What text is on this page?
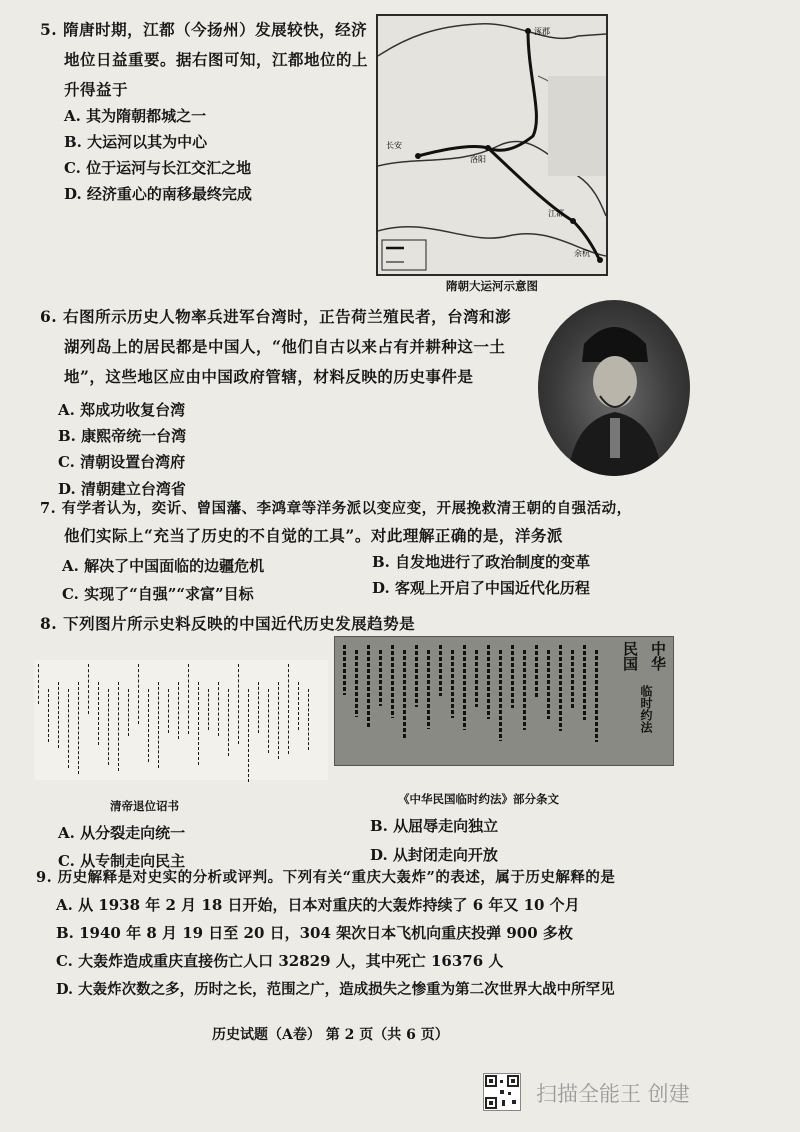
5. 隋唐时期，江都（今扬州）发展较快，经济
地位日益重要。据右图可知，江都地位的上
升得益于
A. 其为隋朝都城之一
B. 大运河以其为中心
C. 位于运河与长江交汇之地
D. 经济重心的南移最终完成
涿郡
长安
洛阳
江都
余杭
隋朝大运河示意图
6. 右图所示历史人物率兵进军台湾时，正告荷兰殖民者，台湾和澎
湖列岛上的居民都是中国人，“他们自古以来占有并耕种这一土
地”，这些地区应由中国政府管辖，材料反映的历史事件是
A. 郑成功收复台湾
B. 康熙帝统一台湾
C. 清朝设置台湾府
D. 清朝建立台湾省
7. 有学者认为，奕䜣、曾国藩、李鸿章等洋务派以变应变，开展挽救清王朝的自强活动，
他们实际上“充当了历史的不自觉的工具”。对此理解正确的是，洋务派
A. 解决了中国面临的边疆危机	B. 自发地进行了政治制度的变革
C. 实现了“自强”“求富”目标	D. 客观上开启了中国近代化历程
8. 下列图片所示史料反映的中国近代历史发展趋势是
清帝退位诏书
中华
民国
临时约法
《中华民国临时约法》部分条文
A. 从分裂走向统一	B. 从屈辱走向独立
C. 从专制走向民主	D. 从封闭走向开放
9. 历史解释是对史实的分析或评判。下列有关“重庆大轰炸”的表述，属于历史解释的是
A. 从 1938 年 2 月 18 日开始，日本对重庆的大轰炸持续了 6 年又 10 个月
B. 1940 年 8 月 19 日至 20 日，304 架次日本飞机向重庆投弹 900 多枚
C. 大轰炸造成重庆直接伤亡人口 32829 人，其中死亡 16376 人
D. 大轰炸次数之多，历时之长，范围之广，造成损失之惨重为第二次世界大战中所罕见
历史试题（A卷） 第 2 页（共 6 页）
扫描全能王 创建
